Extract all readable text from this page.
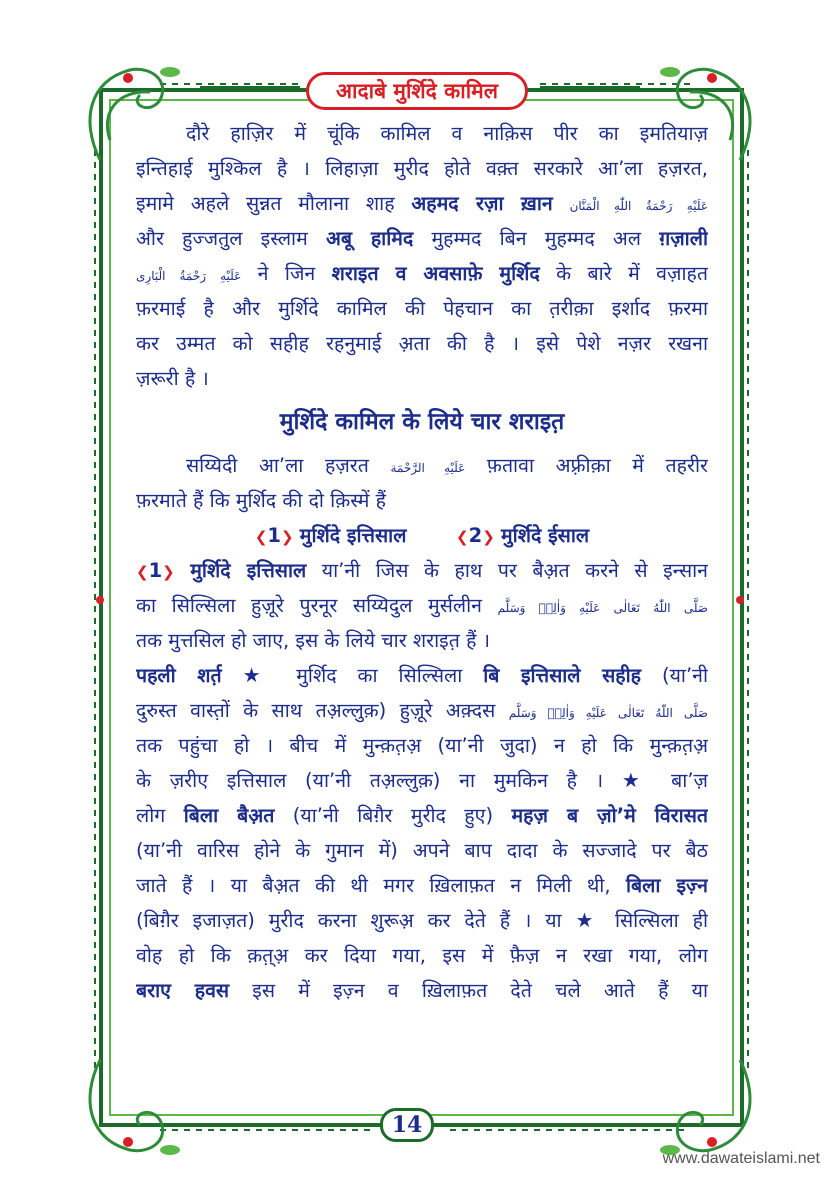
आदाबे मुर्शिदे कामिल
दौरे हाज़िर में चूंकि कामिल व नाक़िस पीर का इमतियाज़
इन्तिहाई मुश्किल है । लिहाज़ा मुरीद होते वक़्त सरकारे आ’ला हज़रत,
इमामे अहले सुन्नत मौलाना शाह अहमद रज़ा ख़ान عَلَيْهِ رَحْمَةُ اللّٰهِ الْمَنَّان
और हुज्जतुल इस्लाम अबू हामिद मुहम्मद बिन मुहम्मद अल ग़ज़ाली
عَلَيْهِ رَحْمَةُ الْبَارِى ने जिन शराइत व अवसाफ़े मुर्शिद के बारे में वज़ाहत
फ़रमाई है और मुर्शिदे कामिल की पेहचान का त़रीक़ा इर्शाद फ़रमा
कर उम्मत को सहीह रहनुमाई अ़ता की है । इसे पेशे नज़र रखना
ज़रूरी है ।
मुर्शिदे कामिल के लिये चार शराइत़
सय्यिदी आ’ला हज़रत عَلَيْهِ الرَّحْمَة फ़तावा अफ़्रीक़ा में तहरीर
फ़रमाते हैं कि मुर्शिद की दो क़िस्में हैं
❮1❯ मुर्शिदे इत्तिसाल	❮2❯ मुर्शिदे ईसाल
❮1❯ मुर्शिदे इत्तिसाल या’नी जिस के हाथ पर बैअ़त करने से इन्सान
का सिल्सिला हुज़ूरे पुरनूर सय्यिदुल मुर्सलीन صَلَّى اللّٰهُ تَعَالٰى عَلَيْهِ وَاٰلِهٖ وَسَلَّم
तक मुत्तसिल हो जाए, इस के लिये चार शराइत़ हैं ।
पहली शर्त़ ★ मुर्शिद का सिल्सिला बि इत्तिसाले सहीह (या’नी
दुरुस्त वास्त़ों के साथ तअ़ल्लुक़) हुज़ूरे अक़्दस صَلَّى اللّٰهُ تَعَالٰى عَلَيْهِ وَاٰلِهٖ وَسَلَّم
तक पहुंचा हो । बीच में मुन्क़त़अ़ (या’नी जुदा) न हो कि मुन्क़त़अ़
के ज़रीए इत्तिसाल (या’नी तअ़ल्लुक़) ना मुमकिन है । ★ बा’ज़
लोग बिला बैअ़त (या’नी बिग़ैर मुरीद हुए) महज़ ब ज़ो’मे विरासत
(या’नी वारिस होने के गुमान में) अपने बाप दादा के सज्जादे पर बैठ
जाते हैं । या बैअ़त की थी मगर ख़िलाफ़त न मिली थी, बिला इज़्न
(बिग़ैर इजाज़त) मुरीद करना शुरूअ़ कर देते हैं । या ★ सिल्सिला ही
वोह हो कि क़त़्अ़ कर दिया गया, इस में फ़ैज़ न रखा गया, लोग
बराए हवस इस में इज़्न व ख़िलाफ़त देते चले आते हैं या
14
www.dawateislami.net
